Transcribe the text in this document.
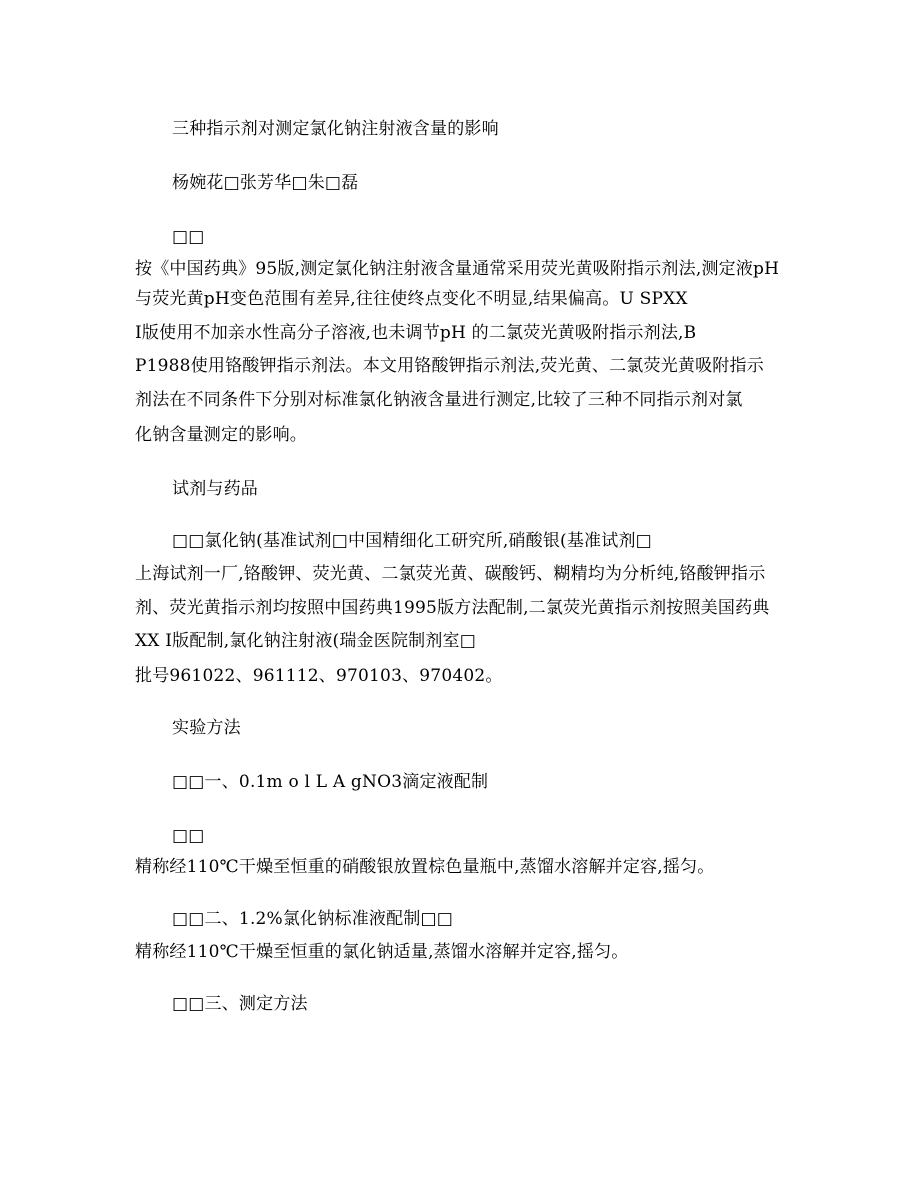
三种指示剂对测定氯化钠注射液含量的影响
杨婉花□张芳华□朱□磊
□□
按《中国药典》95版,测定氯化钠注射液含量通常采用荧光黄吸附指示剂法,测定液pH
与荧光黄pH变色范围有差异,往往使终点变化不明显,结果偏高。U SPXX
I版使用不加亲水性高分子溶液,也未调节pH 的二氯荧光黄吸附指示剂法,B
P1988使用铬酸钾指示剂法。本文用铬酸钾指示剂法,荧光黄、二氯荧光黄吸附指示
剂法在不同条件下分别对标准氯化钠液含量进行测定,比较了三种不同指示剂对氯
化钠含量测定的影响。
试剂与药品
□□氯化钠(基准试剂□中国精细化工研究所,硝酸银(基准试剂□
上海试剂一厂,铬酸钾、荧光黄、二氯荧光黄、碳酸钙、糊精均为分析纯,铬酸钾指示
剂、荧光黄指示剂均按照中国药典1995版方法配制,二氯荧光黄指示剂按照美国药典
XX I版配制,氯化钠注射液(瑞金医院制剂室□
批号961022、961112、970103、970402。
实验方法
□□一、0.1m o l L A gNO3滴定液配制
□□
精称经110℃干燥至恒重的硝酸银放置棕色量瓶中,蒸馏水溶解并定容,摇匀。
□□二、1.2%氯化钠标准液配制□□
精称经110℃干燥至恒重的氯化钠适量,蒸馏水溶解并定容,摇匀。
□□三、测定方法
